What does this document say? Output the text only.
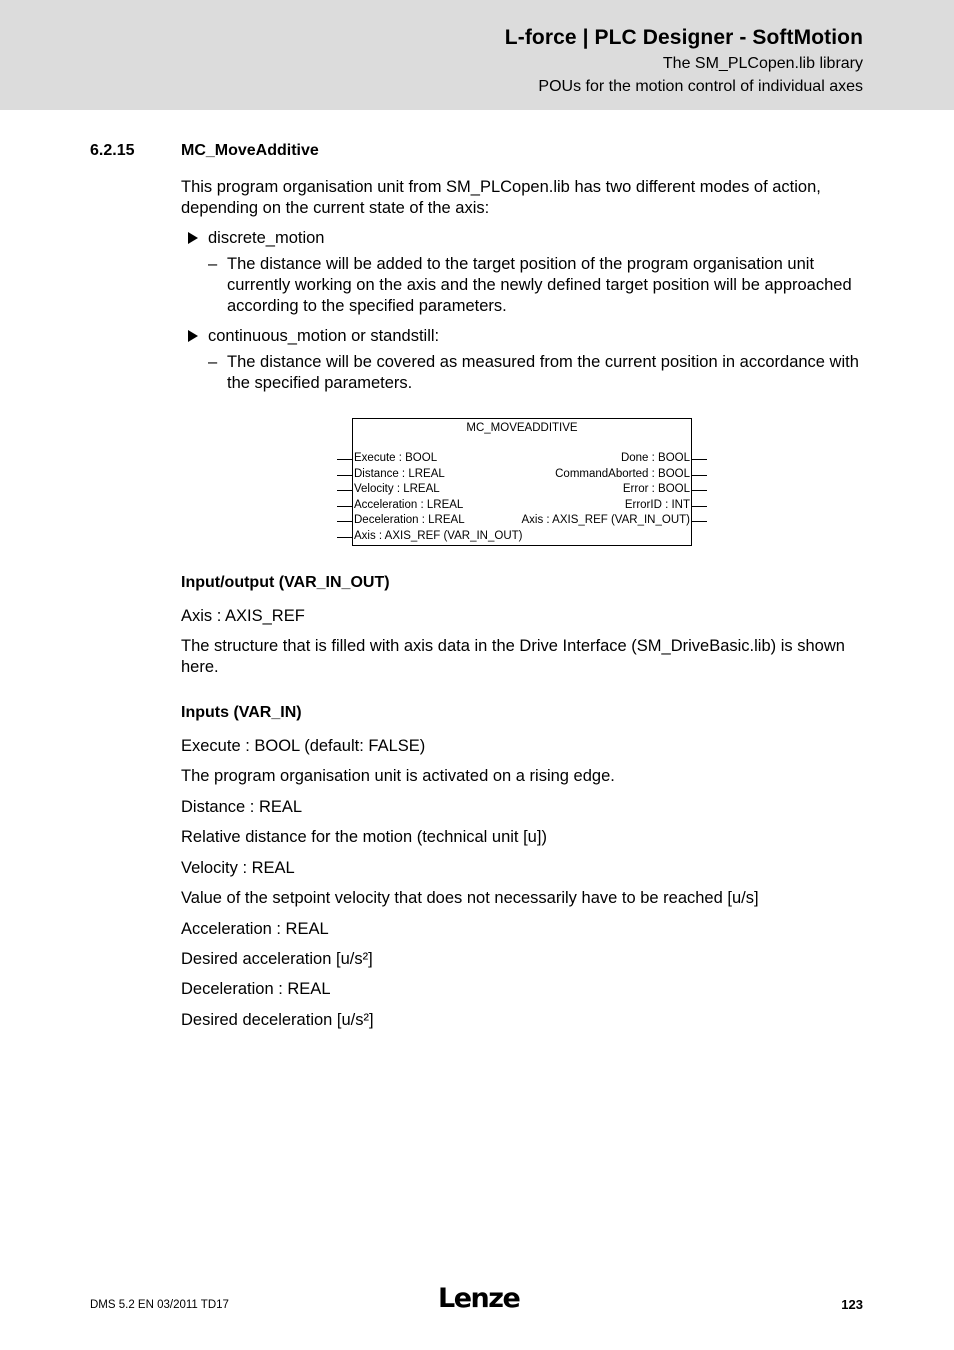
L-force | PLC Designer - SoftMotion
The SM_PLCopen.lib library
POUs for the motion control of individual axes
6.2.15	MC_MoveAdditive
This program organisation unit from SM_PLCopen.lib has two different modes of action, depending on the current state of the axis:
discrete_motion
– The distance will be added to the target position of the program organisation unit currently working on the axis and the newly defined target position will be approached according to the specified parameters.
continuous_motion or standstill:
– The distance will be covered as measured from the current position in accordance with the specified parameters.
MC_MOVEADDITIVE
Execute : BOOL
Distance : LREAL
Velocity : LREAL
Acceleration : LREAL
Deceleration : LREAL
Axis : AXIS_REF (VAR_IN_OUT)
Done : BOOL
CommandAborted : BOOL
Error : BOOL
ErrorID : INT
Axis : AXIS_REF (VAR_IN_OUT)
Input/output (VAR_IN_OUT)
Axis : AXIS_REF
The structure that is filled with axis data in the Drive Interface (SM_DriveBasic.lib) is shown here.
Inputs (VAR_IN)
Execute : BOOL (default: FALSE)
The program organisation unit is activated on a rising edge.
Distance : REAL
Relative distance for the motion (technical unit [u])
Velocity : REAL
Value of the setpoint velocity that does not necessarily have to be reached [u/s]
Acceleration : REAL
Desired acceleration [u/s²]
Deceleration : REAL
Desired deceleration [u/s²]
DMS 5.2 EN 03/2011 TD17	Lenze	123
